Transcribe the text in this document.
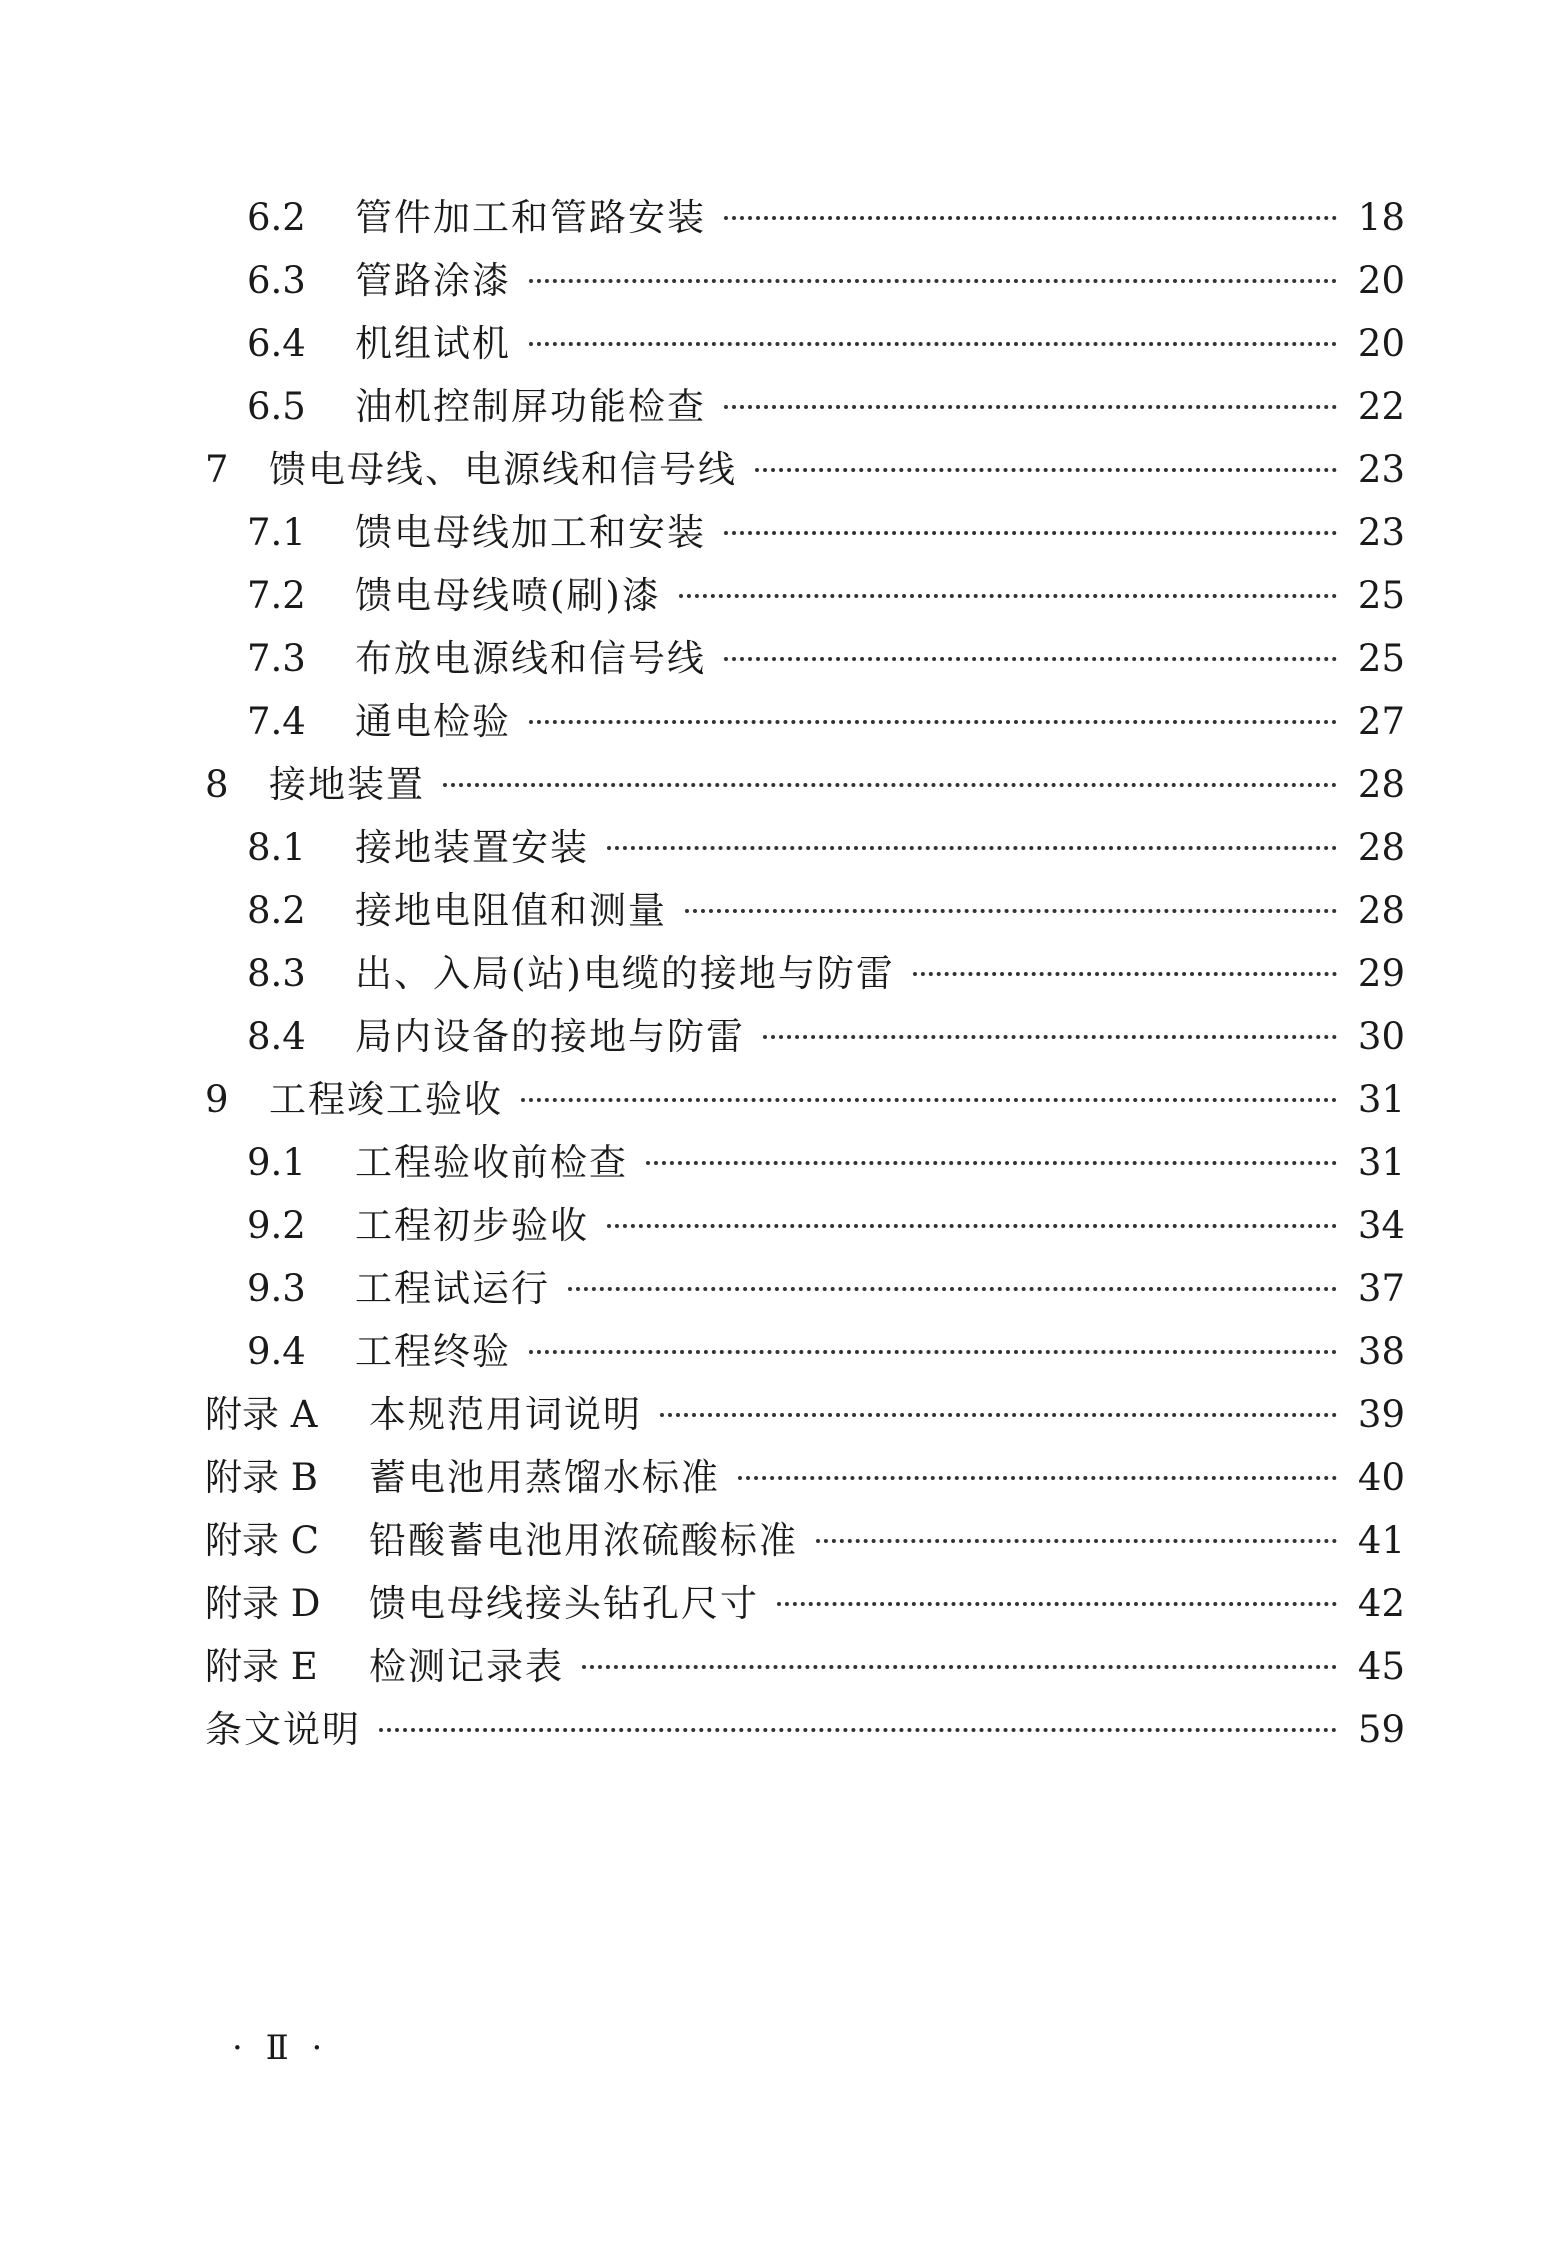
6.2	管件加工和管路安装	18
6.3	管路涂漆	20
6.4	机组试机	20
6.5	油机控制屏功能检查	22
7	馈电母线、电源线和信号线	23
7.1	馈电母线加工和安装	23
7.2	馈电母线喷(刷)漆	25
7.3	布放电源线和信号线	25
7.4	通电检验	27
8	接地装置	28
8.1	接地装置安装	28
8.2	接地电阻值和测量	28
8.3	出、入局(站)电缆的接地与防雷	29
8.4	局内设备的接地与防雷	30
9	工程竣工验收	31
9.1	工程验收前检查	31
9.2	工程初步验收	34
9.3	工程试运行	37
9.4	工程终验	38
附录 A	本规范用词说明	39
附录 B	蓄电池用蒸馏水标准	40
附录 C	铅酸蓄电池用浓硫酸标准	41
附录 D	馈电母线接头钻孔尺寸	42
附录 E	检测记录表	45
条文说明	59
· Ⅱ ·
